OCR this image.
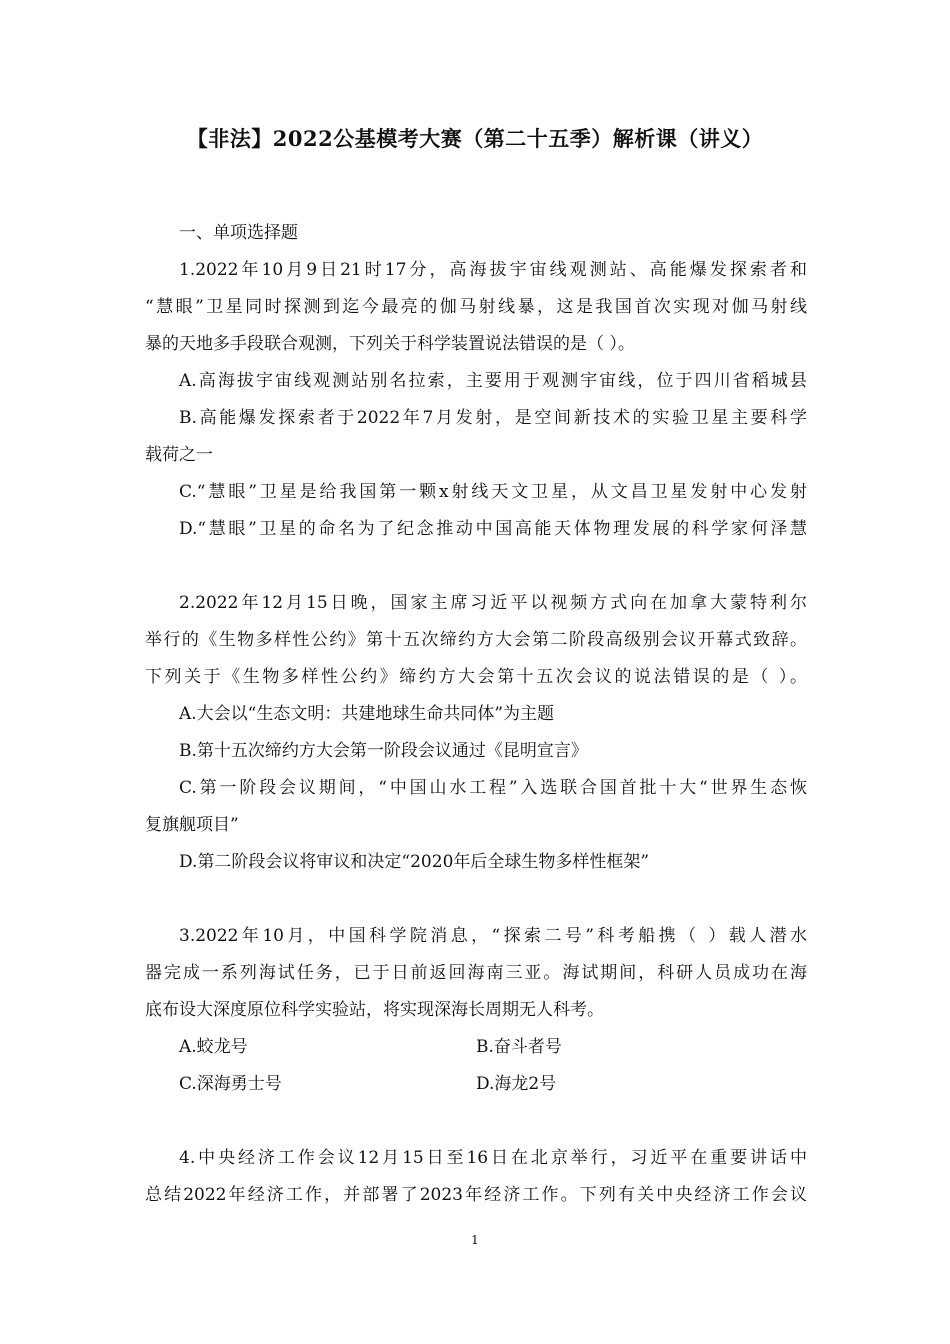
【非法】2022公基模考大赛（第二十五季）解析课（讲义）
一、单项选择题
1.2022年10月9日21时17分，高海拔宇宙线观测站、高能爆发探索者和
“慧眼”卫星同时探测到迄今最亮的伽马射线暴，这是我国首次实现对伽马射线
暴的天地多手段联合观测，下列关于科学装置说法错误的是（ ）。
A.高海拔宇宙线观测站别名拉索，主要用于观测宇宙线，位于四川省稻城县
B.高能爆发探索者于2022年7月发射，是空间新技术的实验卫星主要科学
载荷之一
C.“慧眼”卫星是给我国第一颗x射线天文卫星，从文昌卫星发射中心发射
D.“慧眼”卫星的命名为了纪念推动中国高能天体物理发展的科学家何泽慧
2.2022年12月15日晚，国家主席习近平以视频方式向在加拿大蒙特利尔
举行的《生物多样性公约》第十五次缔约方大会第二阶段高级别会议开幕式致辞。
下列关于《生物多样性公约》缔约方大会第十五次会议的说法错误的是（ ）。
A.大会以“生态文明：共建地球生命共同体”为主题
B.第十五次缔约方大会第一阶段会议通过《昆明宣言》
C.第一阶段会议期间，“中国山水工程”入选联合国首批十大“世界生态恢
复旗舰项目”
D.第二阶段会议将审议和决定“2020年后全球生物多样性框架”
3.2022年10月，中国科学院消息，“探索二号”科考船携（ ）载人潜水
器完成一系列海试任务，已于日前返回海南三亚。海试期间，科研人员成功在海
底布设大深度原位科学实验站，将实现深海长周期无人科考。
A.蛟龙号	B.奋斗者号
C.深海勇士号	D.海龙2号
4.中央经济工作会议12月15日至16日在北京举行，习近平在重要讲话中
总结2022年经济工作，并部署了2023年经济工作。下列有关中央经济工作会议
1
